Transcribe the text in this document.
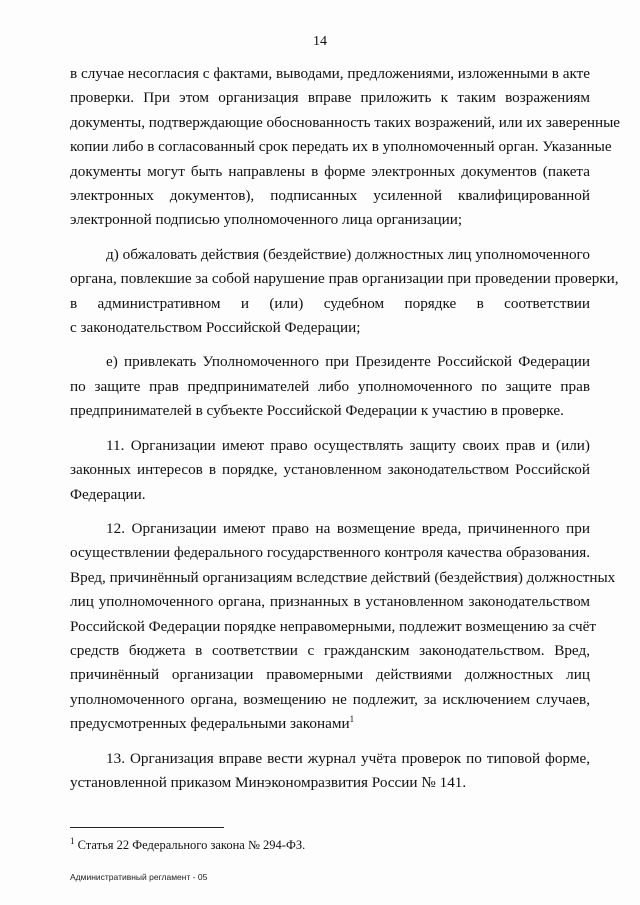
14

в случае несогласия с фактами, выводами, предложениями, изложенными в акте
проверки. При этом организация вправе приложить к таким возражениям
документы, подтверждающие обоснованность таких возражений, или их заверенные
копии либо в согласованный срок передать их в уполномоченный орган. Указанные
документы могут быть направлены в форме электронных документов (пакета
электронных документов), подписанных усиленной квалифицированной
электронной подписью уполномоченного лица организации;

д) обжаловать действия (бездействие) должностных лиц уполномоченного
органа, повлекшие за собой нарушение прав организации при проведении проверки,
в административном и (или) судебном порядке в соответствии
с законодательством Российской Федерации;

е) привлекать Уполномоченного при Президенте Российской Федерации
по защите прав предпринимателей либо уполномоченного по защите прав
предпринимателей в субъекте Российской Федерации к участию в проверке.

11. Организации имеют право осуществлять защиту своих прав и (или)
законных интересов в порядке, установленном законодательством Российской
Федерации.

12. Организации имеют право на возмещение вреда, причиненного при
осуществлении федерального государственного контроля качества образования.
Вред, причинённый организациям вследствие действий (бездействия) должностных
лиц уполномоченного органа, признанных в установленном законодательством
Российской Федерации порядке неправомерными, подлежит возмещению за счёт
средств бюджета в соответствии с гражданским законодательством. Вред,
причинённый организации правомерными действиями должностных лиц
уполномоченного органа, возмещению не подлежит, за исключением случаев,
предусмотренных федеральными законами$^1$

13. Организация вправе вести журнал учёта проверок по типовой форме,
установленной приказом Минэкономразвития России № 141.

$^1$ Статья 22 Федерального закона № 294-ФЗ.
Административный регламент - 05
